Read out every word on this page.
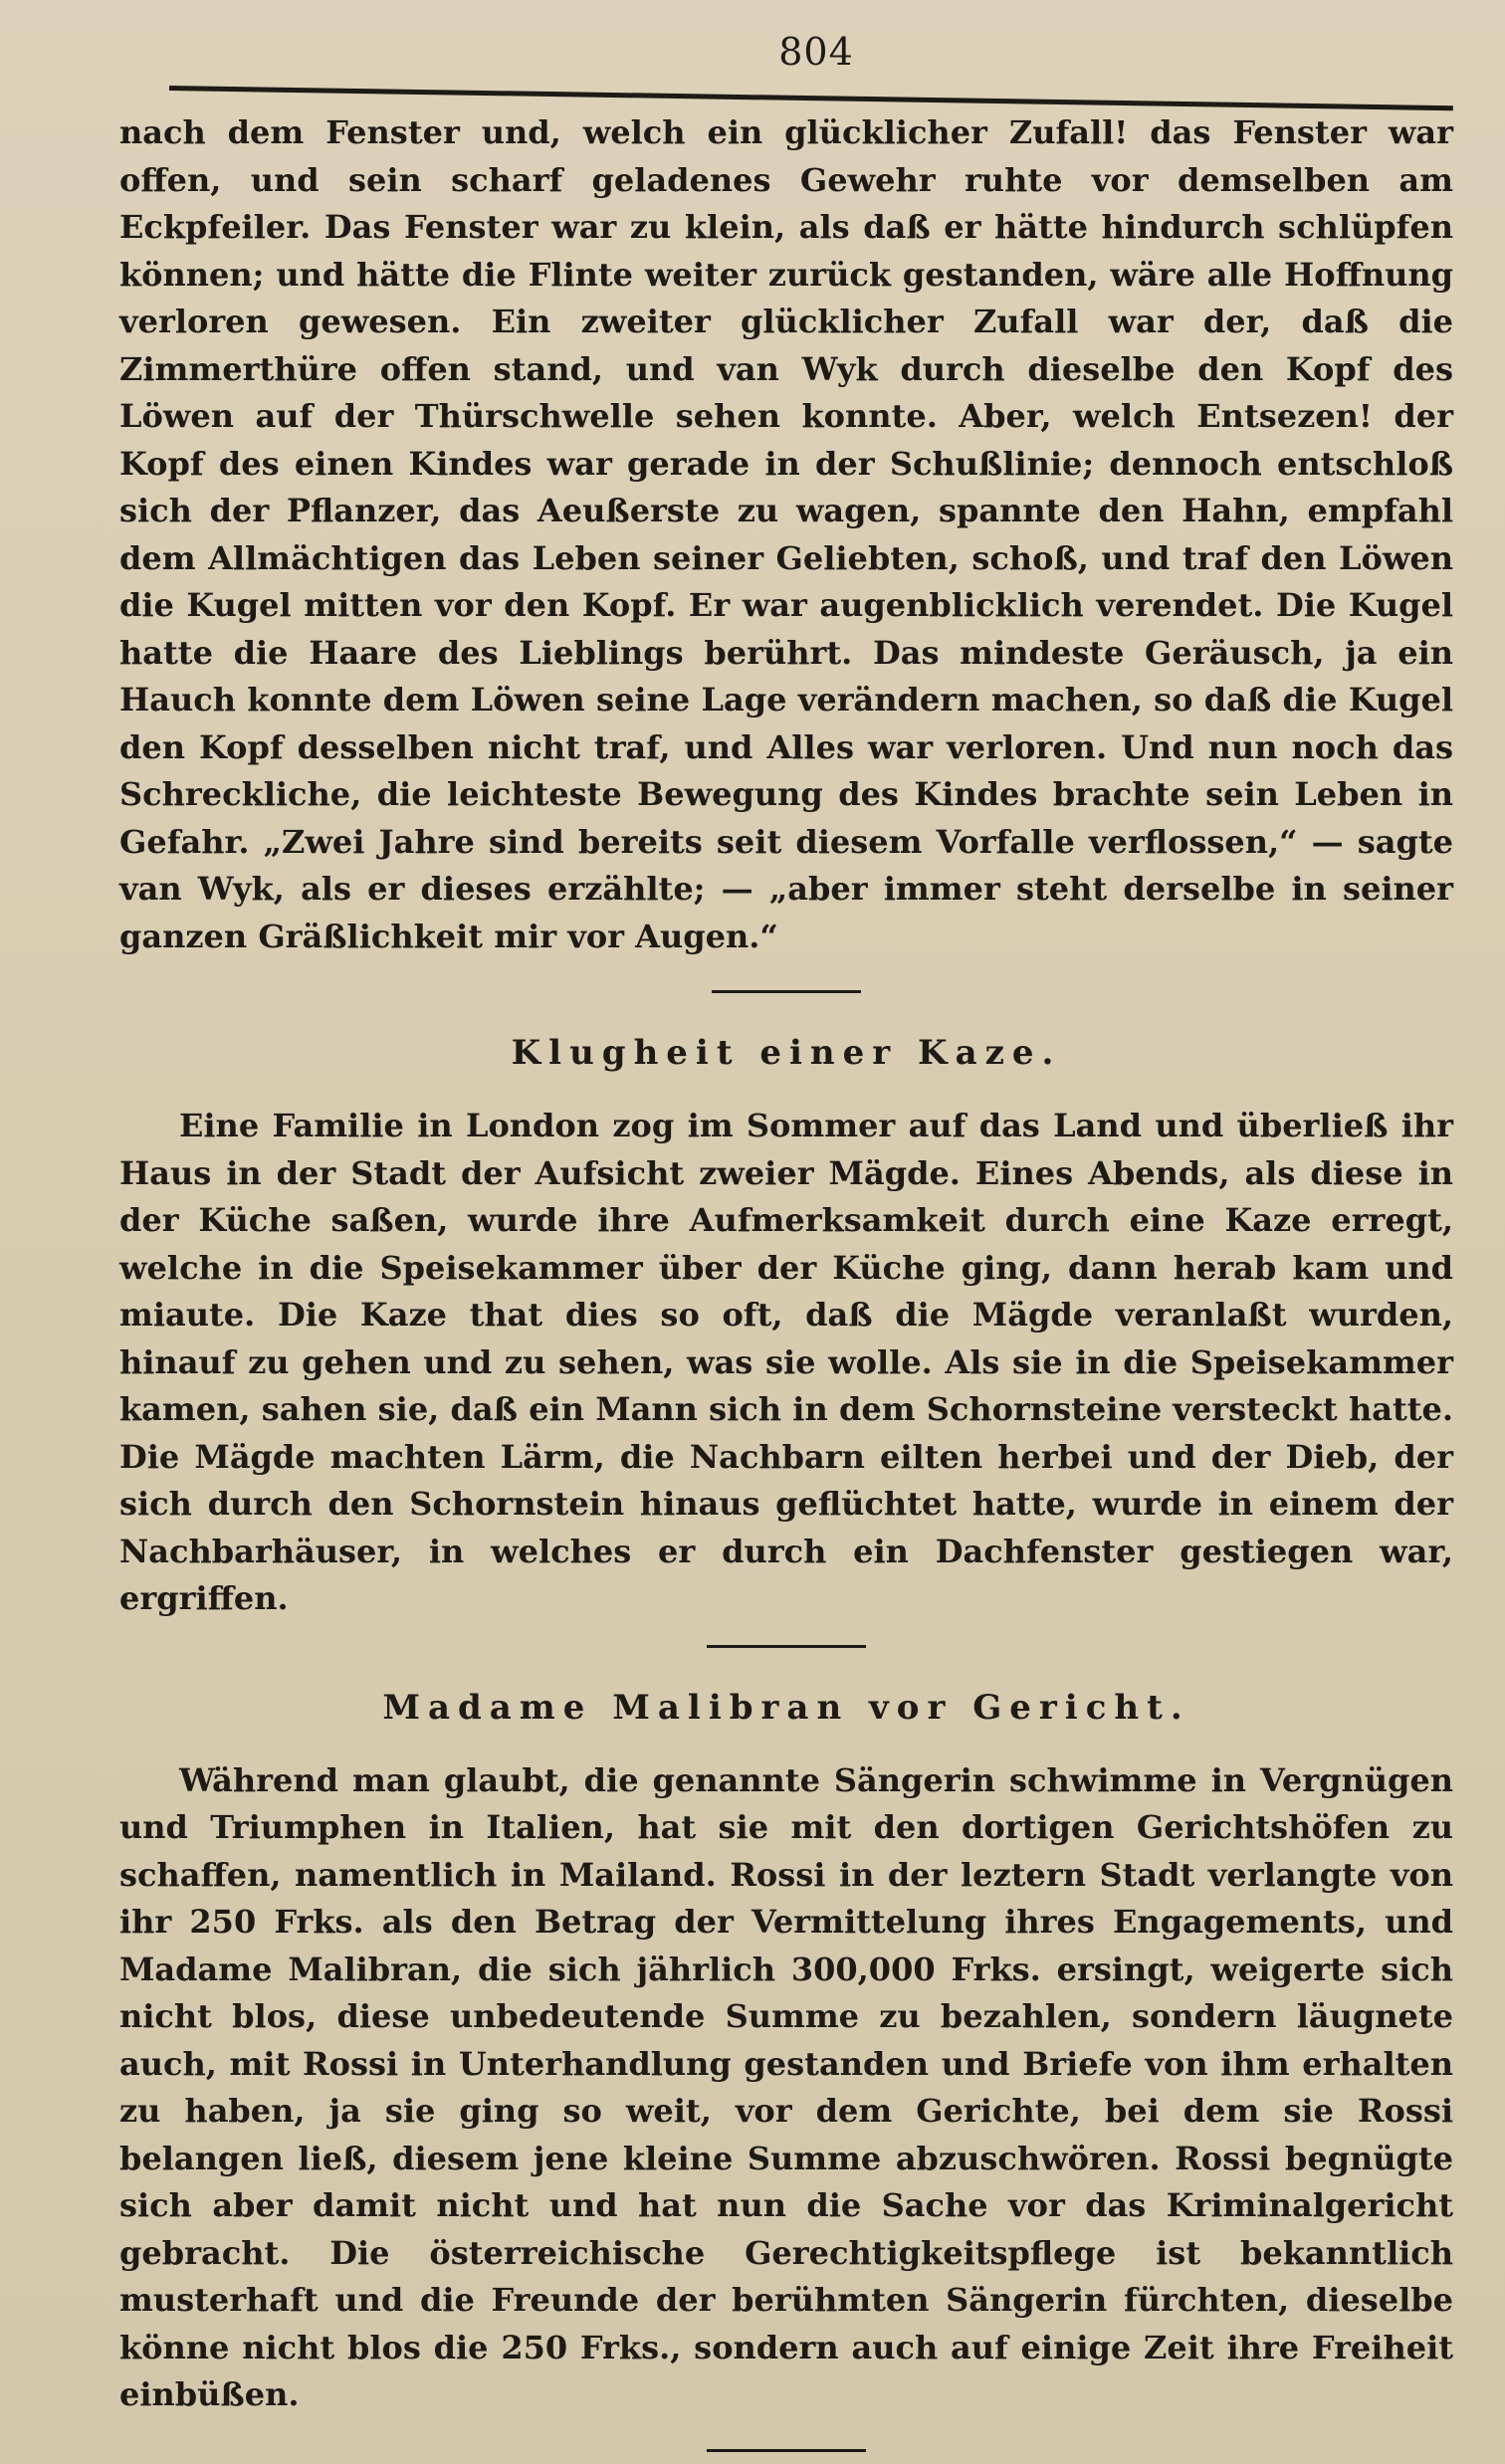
804

nach dem Fenster und, welch ein glücklicher Zufall! das Fenster war offen, und sein scharf geladenes Gewehr ruhte vor demselben am Eckpfeiler. Das Fenster war zu klein, als daß er hätte hindurch schlüpfen können; und hätte die Flinte weiter zurück gestanden, wäre alle Hoffnung verloren gewesen. Ein zweiter glücklicher Zufall war der, daß die Zimmerthüre offen stand, und van Wyk durch dieselbe den Kopf des Löwen auf der Thürschwelle sehen konnte. Aber, welch Entsezen! der Kopf des einen Kindes war gerade in der Schußlinie; dennoch entschloß sich der Pflanzer, das Aeußerste zu wagen, spannte den Hahn, empfahl dem Allmächtigen das Leben seiner Geliebten, schoß, und traf den Löwen die Kugel mitten vor den Kopf. Er war augenblicklich verendet. Die Kugel hatte die Haare des Lieblings berührt. Das mindeste Geräusch, ja ein Hauch konnte dem Löwen seine Lage verändern machen, so daß die Kugel den Kopf desselben nicht traf, und Alles war verloren. Und nun noch das Schreckliche, die leichteste Bewegung des Kindes brachte sein Leben in Gefahr. „Zwei Jahre sind bereits seit diesem Vorfalle verflossen,“ — sagte van Wyk, als er dieses erzählte; — „aber immer steht derselbe in seiner ganzen Gräßlichkeit mir vor Augen.“

Klugheit einer Kaze.

Eine Familie in London zog im Sommer auf das Land und überließ ihr Haus in der Stadt der Aufsicht zweier Mägde. Eines Abends, als diese in der Küche saßen, wurde ihre Aufmerksamkeit durch eine Kaze erregt, welche in die Speisekammer über der Küche ging, dann herab kam und miaute. Die Kaze that dies so oft, daß die Mägde veranlaßt wurden, hinauf zu gehen und zu sehen, was sie wolle. Als sie in die Speisekammer kamen, sahen sie, daß ein Mann sich in dem Schornsteine versteckt hatte. Die Mägde machten Lärm, die Nachbarn eilten herbei und der Dieb, der sich durch den Schornstein hinaus geflüchtet hatte, wurde in einem der Nachbarhäuser, in welches er durch ein Dachfenster gestiegen war, ergriffen.

Madame Malibran vor Gericht.

Während man glaubt, die genannte Sängerin schwimme in Vergnügen und Triumphen in Italien, hat sie mit den dortigen Gerichtshöfen zu schaffen, namentlich in Mailand. Rossi in der leztern Stadt verlangte von ihr 250 Frks. als den Betrag der Vermittelung ihres Engagements, und Madame Malibran, die sich jährlich 300,000 Frks. ersingt, weigerte sich nicht blos, diese unbedeutende Summe zu bezahlen, sondern läugnete auch, mit Rossi in Unterhandlung gestanden und Briefe von ihm erhalten zu haben, ja sie ging so weit, vor dem Gerichte, bei dem sie Rossi belangen ließ, diesem jene kleine Summe abzuschwören. Rossi begnügte sich aber damit nicht und hat nun die Sache vor das Kriminalgericht gebracht. Die österreichische Gerechtigkeitspflege ist bekanntlich musterhaft und die Freunde der berühmten Sängerin fürchten, dieselbe könne nicht blos die 250 Frks., sondern auch auf einige Zeit ihre Freiheit einbüßen.
